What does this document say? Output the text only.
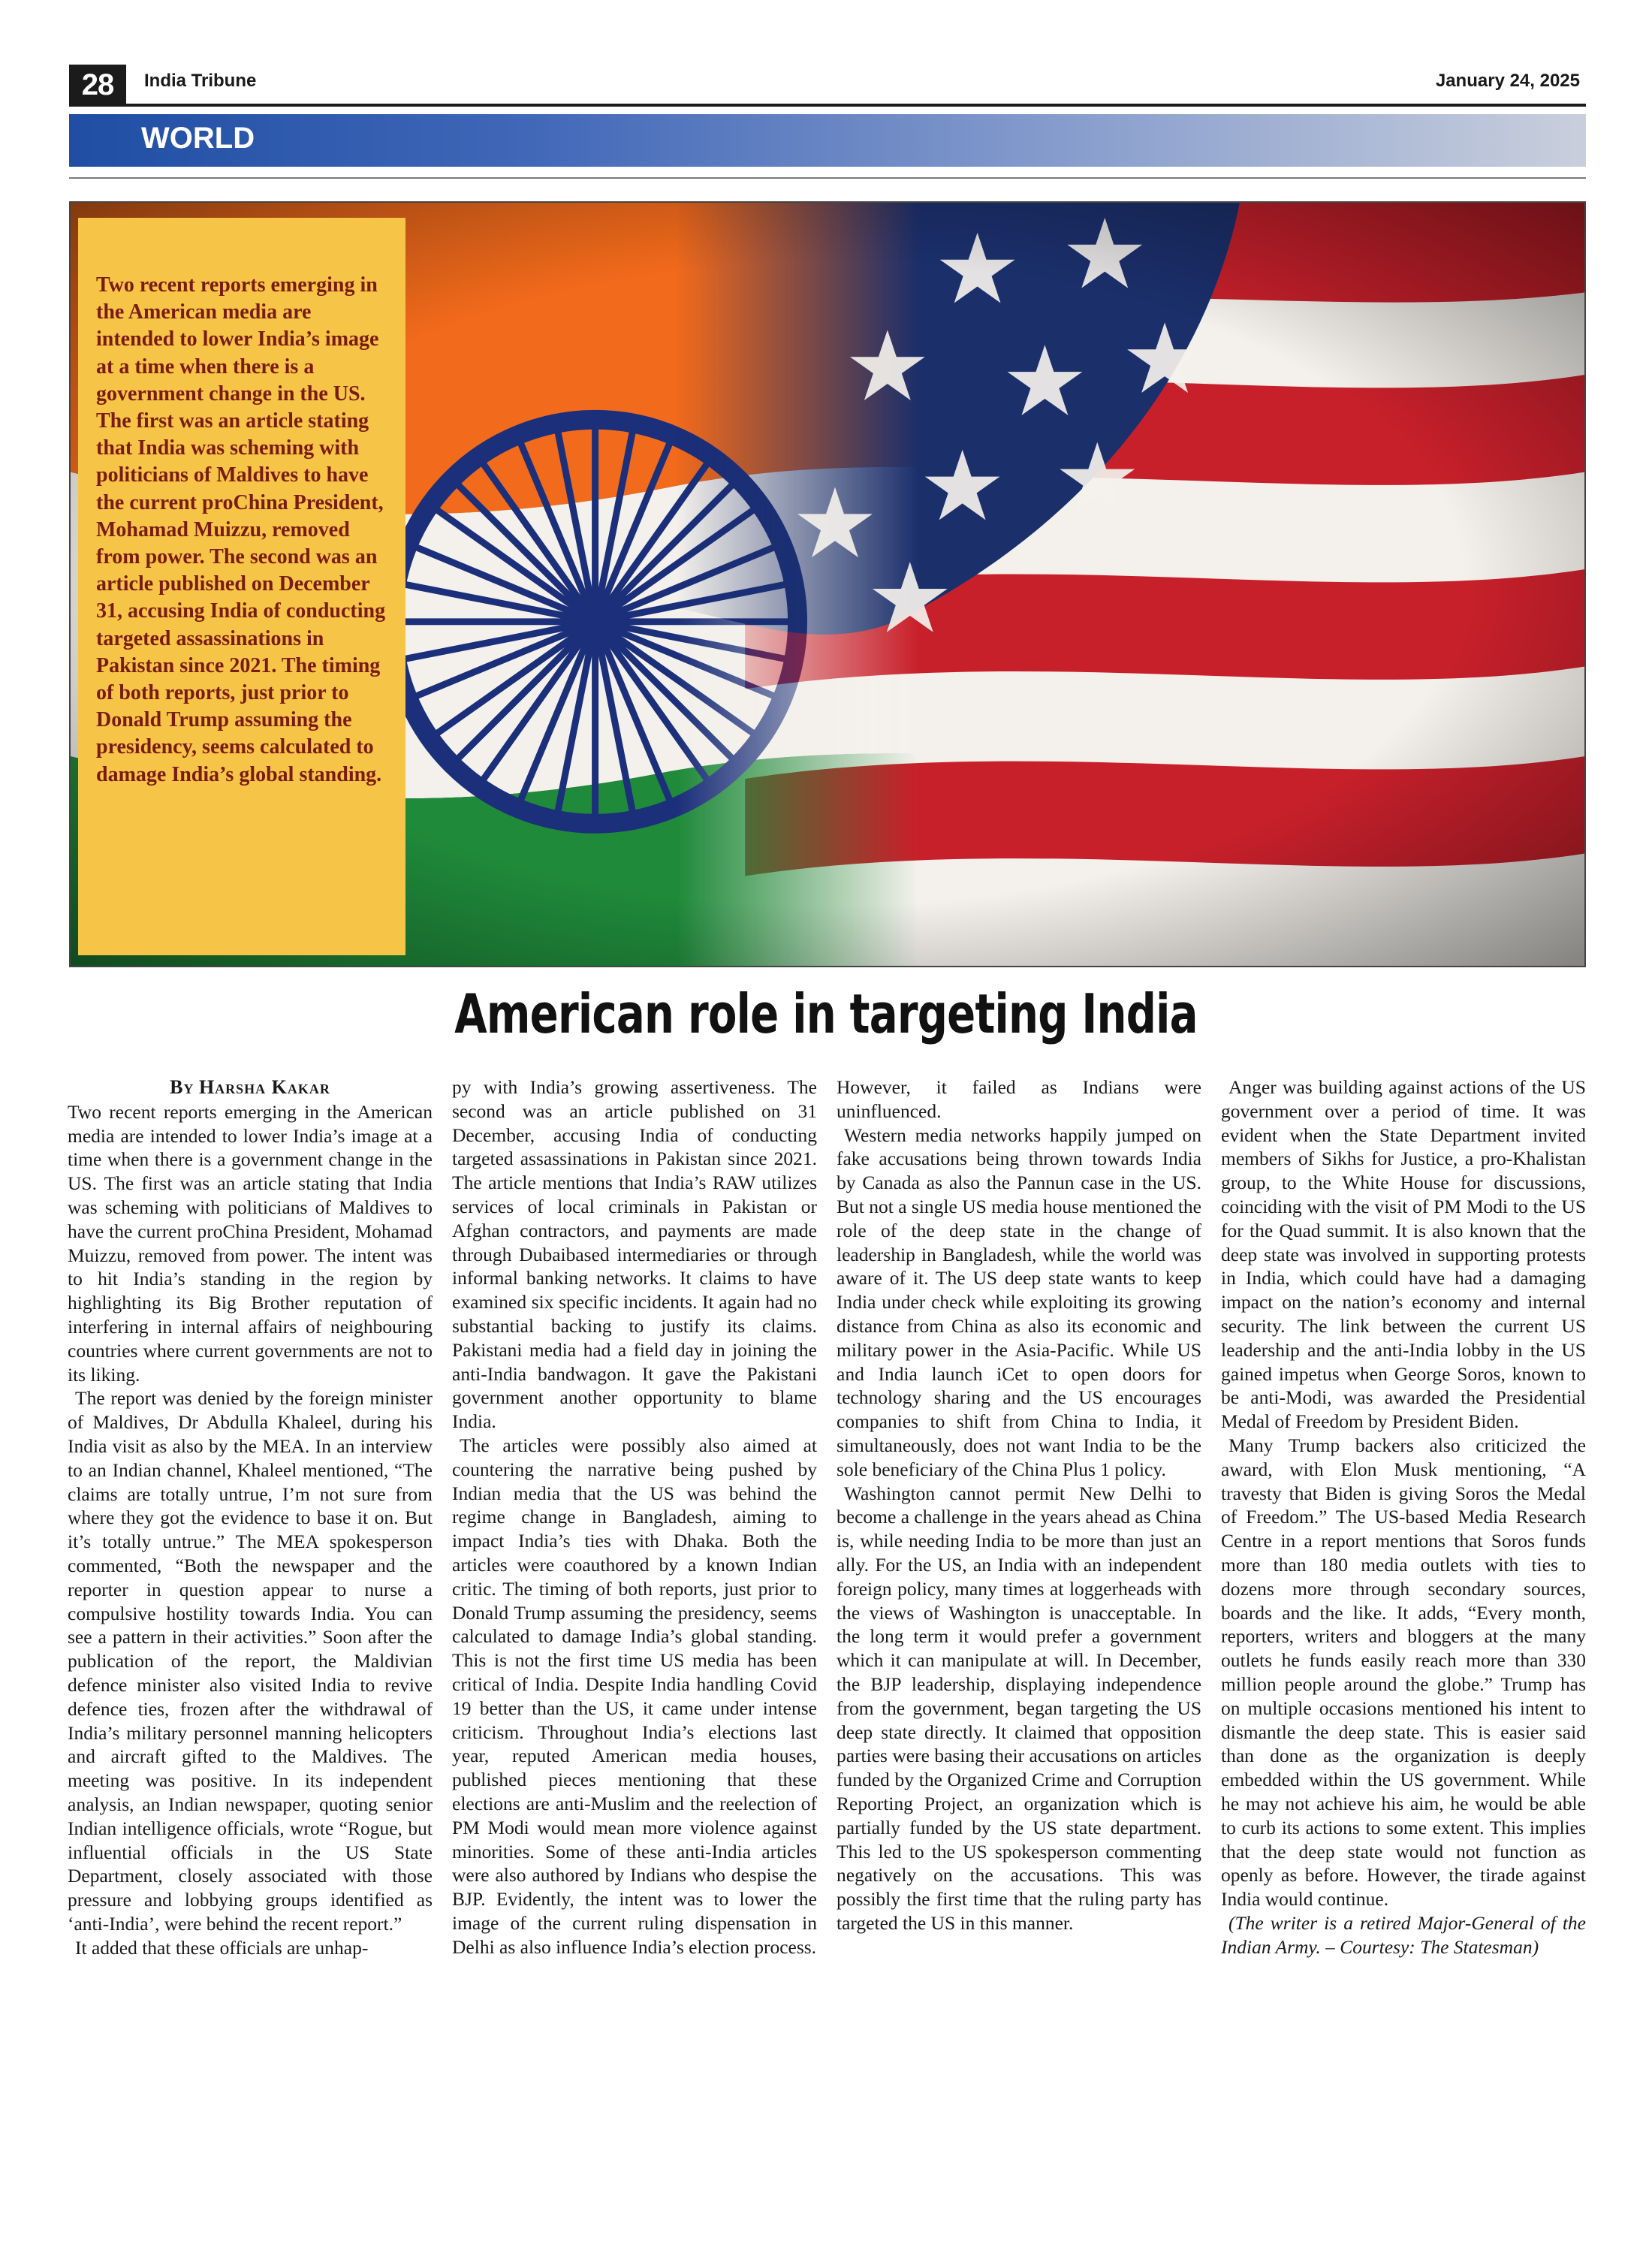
28	India Tribune	January 24, 2025
WORLD

Two recent reports emerging in the American media are intended to lower India’s image at a time when there is a government change in the US. The first was an article stating that India was scheming with politicians of Maldives to have the current proChina President, Mohamad Muizzu, removed from power. The second was an article published on December 31, accusing India of conducting targeted assassinations in Pakistan since 2021. The timing of both reports, just prior to Donald Trump assuming the presidency, seems calculated to damage India’s global standing.

American role in targeting India

By Harsha Kakar

Two recent reports emerging in the American media are intended to lower India’s image at a time when there is a government change in the US. The first was an article stating that India was scheming with politicians of Maldives to have the current proChina President, Mohamad Muizzu, removed from power. The intent was to hit India’s standing in the region by highlighting its Big Brother reputation of interfering in internal affairs of neighbouring countries where current governments are not to its liking.

The report was denied by the foreign minister of Maldives, Dr Abdulla Khaleel, during his India visit as also by the MEA. In an interview to an Indian channel, Khaleel mentioned, “The claims are totally untrue, I’m not sure from where they got the evidence to base it on. But it’s totally untrue.” The MEA spokesperson commented, “Both the newspaper and the reporter in question appear to nurse a compulsive hostility towards India. You can see a pattern in their activities.” Soon after the publication of the report, the Maldivian defence minister also visited India to revive defence ties, frozen after the withdrawal of India’s military personnel manning helicopters and aircraft gifted to the Maldives. The meeting was positive. In its independent analysis, an Indian newspaper, quoting senior Indian intelligence officials, wrote “Rogue, but influential officials in the US State Department, closely associated with those pressure and lobbying groups identified as ‘anti-India’, were behind the recent report.”

It added that these officials are unhap-

py with India’s growing assertiveness. The second was an article published on 31 December, accusing India of conducting targeted assassinations in Pakistan since 2021. The article mentions that India’s RAW utilizes services of local criminals in Pakistan or Afghan contractors, and payments are made through Dubaibased intermediaries or through informal banking networks. It claims to have examined six specific incidents. It again had no substantial backing to justify its claims. Pakistani media had a field day in joining the anti-India bandwagon. It gave the Pakistani government another opportunity to blame India.

The articles were possibly also aimed at countering the narrative being pushed by Indian media that the US was behind the regime change in Bangladesh, aiming to impact India’s ties with Dhaka. Both the articles were coauthored by a known Indian critic. The timing of both reports, just prior to Donald Trump assuming the presidency, seems calculated to damage India’s global standing. This is not the first time US media has been critical of India. Despite India handling Covid 19 better than the US, it came under intense criticism. Throughout India’s elections last year, reputed American media houses, published pieces mentioning that these elections are anti-Muslim and the reelection of PM Modi would mean more violence against minorities. Some of these anti-India articles were also authored by Indians who despise the BJP. Evidently, the intent was to lower the image of the current ruling dispensation in Delhi as also influence India’s election process.

However, it failed as Indians were uninfluenced.

Western media networks happily jumped on fake accusations being thrown towards India by Canada as also the Pannun case in the US. But not a single US media house mentioned the role of the deep state in the change of leadership in Bangladesh, while the world was aware of it. The US deep state wants to keep India under check while exploiting its growing distance from China as also its economic and military power in the Asia-Pacific. While US and India launch iCet to open doors for technology sharing and the US encourages companies to shift from China to India, it simultaneously, does not want India to be the sole beneficiary of the China Plus 1 policy.

Washington cannot permit New Delhi to become a challenge in the years ahead as China is, while needing India to be more than just an ally. For the US, an India with an independent foreign policy, many times at loggerheads with the views of Washington is unacceptable. In the long term it would prefer a government which it can manipulate at will. In December, the BJP leadership, displaying independence from the government, began targeting the US deep state directly. It claimed that opposition parties were basing their accusations on articles funded by the Organized Crime and Corruption Reporting Project, an organization which is partially funded by the US state department. This led to the US spokesperson commenting negatively on the accusations. This was possibly the first time that the ruling party has targeted the US in this manner.

Anger was building against actions of the US government over a period of time. It was evident when the State Department invited members of Sikhs for Justice, a pro-Khalistan group, to the White House for discussions, coinciding with the visit of PM Modi to the US for the Quad summit. It is also known that the deep state was involved in supporting protests in India, which could have had a damaging impact on the nation’s economy and internal security. The link between the current US leadership and the anti-India lobby in the US gained impetus when George Soros, known to be anti-Modi, was awarded the Presidential Medal of Freedom by President Biden.

Many Trump backers also criticized the award, with Elon Musk mentioning, “A travesty that Biden is giving Soros the Medal of Freedom.” The US-based Media Research Centre in a report mentions that Soros funds more than 180 media outlets with ties to dozens more through secondary sources, boards and the like. It adds, “Every month, reporters, writers and bloggers at the many outlets he funds easily reach more than 330 million people around the globe.” Trump has on multiple occasions mentioned his intent to dismantle the deep state. This is easier said than done as the organization is deeply embedded within the US government. While he may not achieve his aim, he would be able to curb its actions to some extent. This implies that the deep state would not function as openly as before. However, the tirade against India would continue.

(The writer is a retired Major-General of the Indian Army. – Courtesy: The Statesman)
